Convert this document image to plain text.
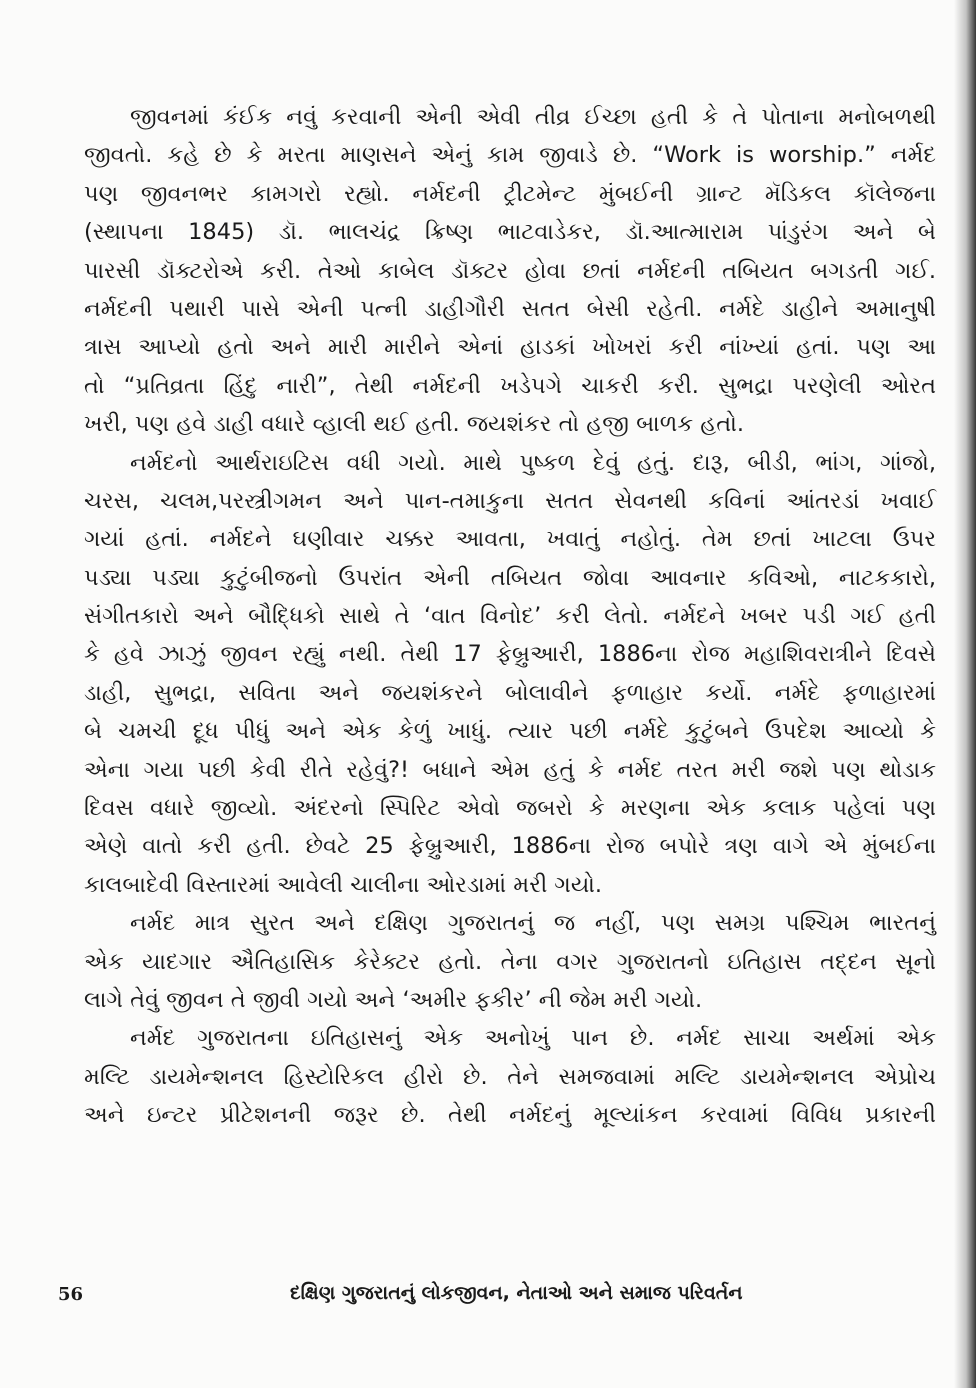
જીવનમાં કંઈક નવું કરવાની એની એવી તીવ્ર ઈચ્છા હતી કે તે પોતાના મનોબળથી
જીવતો. કહે છે કે મરતા માણસને એનું કામ જીવાડે છે. “Work is worship.” નર્મદ
પણ જીવનભર કામગરો રહ્યો. નર્મદની ટ્રીટમેન્ટ મુંબઈની ગ્રાન્ટ મૅડિકલ કૉલેજના
(સ્થાપના 1845) ડૉ. ભાલચંદ્ર ક્રિષ્ણ ભાટવાડેકર, ડૉ.આત્મારામ પાંડુરંગ અને બે
પારસી ડૉક્ટરોએ કરી. તેઓ કાબેલ ડૉક્ટર હોવા છતાં નર્મદની તબિયત બગડતી ગઈ.
નર્મદની પથારી પાસે એની પત્ની ડાહીગૌરી સતત બેસી રહેતી. નર્મદે ડાહીને અમાનુષી
ત્રાસ આપ્યો હતો અને મારી મારીને એનાં હાડકાં ખોખરાં કરી નાંખ્યાં હતાં. પણ આ
તો “પ્રતિવ્રતા હિંદુ નારી”, તેથી નર્મદની ખડેપગે ચાકરી કરી. સુભદ્રા પરણેલી ઓરત
ખરી, પણ હવે ડાહી વધારે વ્હાલી થઈ હતી. જયશંકર તો હજી બાળક હતો.
નર્મદનો આર્થરાઇટિસ વધી ગયો. માથે પુષ્કળ દેવું હતું. દારૂ, બીડી, ભાંગ, ગાંજો,
ચરસ, ચલમ,પરસ્ત્રીગમન અને પાન-તમાકુના સતત સેવનથી કવિનાં આંતરડાં ખવાઈ
ગયાં હતાં. નર્મદને ઘણીવાર ચક્કર આવતા, ખવાતું નહોતું. તેમ છતાં ખાટલા ઉપર
પડ્યા પડ્યા કુટુંબીજનો ઉપરાંત એની તબિયત જોવા આવનાર કવિઓ, નાટકકારો,
સંગીતકારો અને બૌદ્ધિકો સાથે તે ‘વાત વિનોદ’ કરી લેતો. નર્મદને ખબર પડી ગઈ હતી
કે હવે ઝાઝું જીવન રહ્યું નથી. તેથી 17 ફેબ્રુઆરી, 1886ના રોજ મહાશિવરાત્રીને દિવસે
ડાહી, સુભદ્રા, સવિતા અને જયશંકરને બોલાવીને ફળાહાર કર્યો. નર્મદે ફળાહારમાં
બે ચમચી દૂધ પીધું અને એક કેળું ખાધું. ત્યાર પછી નર્મદે કુટુંબને ઉપદેશ આવ્યો કે
એના ગયા પછી કેવી રીતે રહેવું?! બધાને એમ હતું કે નર્મદ તરત મરી જશે પણ થોડાક
દિવસ વધારે જીવ્યો. અંદરનો સ્પિરિટ એવો જબરો કે મરણના એક કલાક પહેલાં પણ
એણે વાતો કરી હતી. છેવટે 25 ફેબ્રુઆરી, 1886ના રોજ બપોરે ત્રણ વાગે એ મુંબઈના
કાલબાદેવી વિસ્તારમાં આવેલી ચાલીના ઓરડામાં મરી ગયો.
નર્મદ માત્ર સુરત અને દક્ષિણ ગુજરાતનું જ નહીં, પણ સમગ્ર પશ્ચિમ ભારતનું
એક યાદગાર ઐતિહાસિક કેરેક્ટર હતો. તેના વગર ગુજરાતનો ઇતિહાસ તદ્દન સૂનો
લાગે તેવું જીવન તે જીવી ગયો અને ‘અમીર ફકીર’ ની જેમ મરી ગયો.
નર્મદ ગુજરાતના ઇતિહાસનું એક અનોખું પાન છે. નર્મદ સાચા અર્થમાં એક
મલ્ટિ ડાયમેન્શનલ હિસ્ટોરિકલ હીરો છે. તેને સમજવામાં મલ્ટિ ડાયમેન્શનલ એપ્રોચ
અને ઇન્ટર પ્રીટેશનની જરૂર છે. તેથી નર્મદનું મૂલ્યાંકન કરવામાં વિવિધ પ્રકારની
56	દક્ષિણ ગુજરાતનું લોકજીવન, નેતાઓ અને સમાજ પરિવર્તન
